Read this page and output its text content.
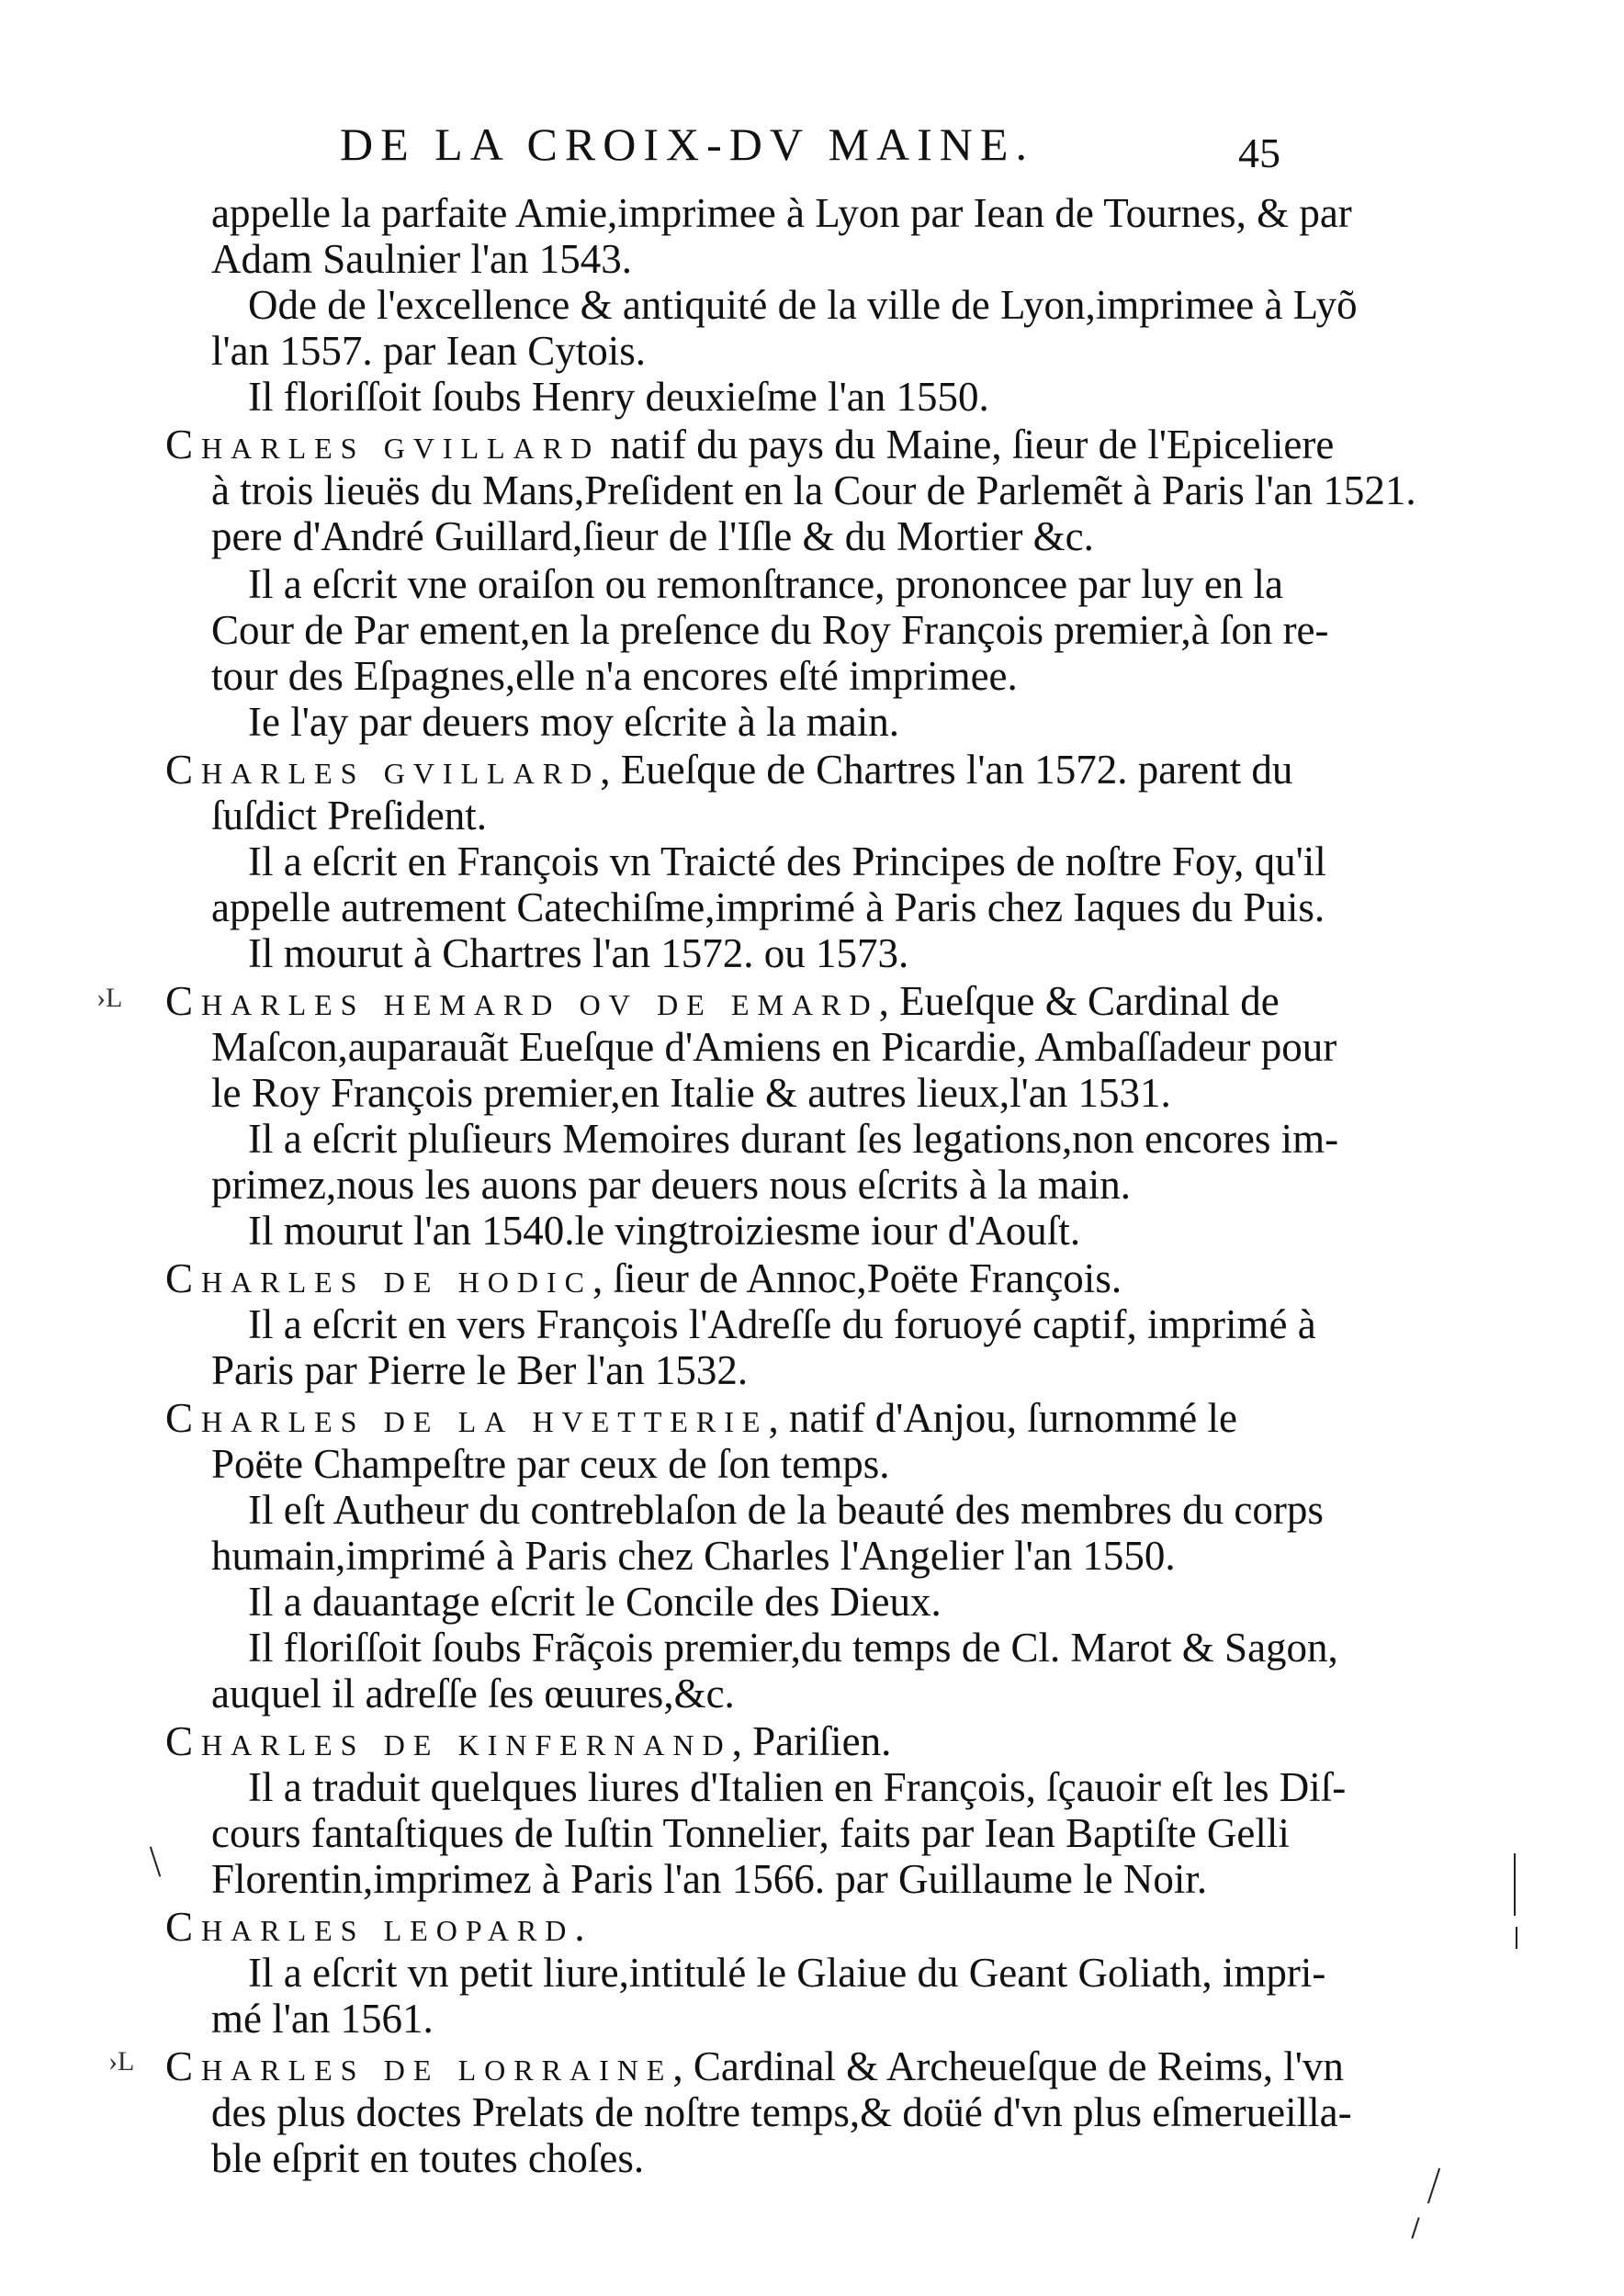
DE LA CROIX-DV MAINE.	45
appelle la parfaite Amie,imprimee à Lyon par Iean de Tournes, & par
Adam Saulnier l'an 1543.
Ode de l'excellence & antiquité de la ville de Lyon,imprimee à Lyõ
l'an 1557. par Iean Cytois.
Il floriſſoit ſoubs Henry deuxieſme l'an 1550.
Charles gvillard natif du pays du Maine, ſieur de l'Epiceliere
à trois lieuës du Mans,Preſident en la Cour de Parlemẽt à Paris l'an 1521.
pere d'André Guillard,ſieur de l'Iſle & du Mortier &c.
Il a eſcrit vne oraiſon ou remonſtrance, prononcee par luy en la
Cour de Par ement,en la preſence du Roy François premier,à ſon re-
tour des Eſpagnes,elle n'a encores eſté imprimee.
Ie l'ay par deuers moy eſcrite à la main.
Charles gvillard, Eueſque de Chartres l'an 1572. parent du
ſuſdict Preſident.
Il a eſcrit en François vn Traicté des Principes de noſtre Foy, qu'il
appelle autrement Catechiſme,imprimé à Paris chez Iaques du Puis.
Il mourut à Chartres l'an 1572. ou 1573.
Charles hemard ov de emard, Eueſque & Cardinal de
Maſcon,auparauãt Eueſque d'Amiens en Picardie, Ambaſſadeur pour
le Roy François premier,en Italie & autres lieux,l'an 1531.
Il a eſcrit pluſieurs Memoires durant ſes legations,non encores im-
primez,nous les auons par deuers nous eſcrits à la main.
Il mourut l'an 1540.le vingtroiziesme iour d'Aouſt.
Charles de hodic, ſieur de Annoc,Poëte François.
Il a eſcrit en vers François l'Adreſſe du foruoyé captif, imprimé à
Paris par Pierre le Ber l'an 1532.
Charles de la hvetterie, natif d'Anjou, ſurnommé le
Poëte Champeſtre par ceux de ſon temps.
Il eſt Autheur du contreblaſon de la beauté des membres du corps
humain,imprimé à Paris chez Charles l'Angelier l'an 1550.
Il a dauantage eſcrit le Concile des Dieux.
Il floriſſoit ſoubs Frãçois premier,du temps de Cl. Marot & Sagon,
auquel il adreſſe ſes œuures,&c.
Charles de kinfernand, Pariſien.
Il a traduit quelques liures d'Italien en François, ſçauoir eſt les Diſ-
cours fantaſtiques de Iuſtin Tonnelier, faits par Iean Baptiſte Gelli
Florentin,imprimez à Paris l'an 1566. par Guillaume le Noir.
Charles leopard.
Il a eſcrit vn petit liure,intitulé le Glaiue du Geant Goliath, impri-
mé l'an 1561.
Charles de lorraine, Cardinal & Archeueſque de Reims, l'vn
des plus doctes Prelats de noſtre temps,& doüé d'vn plus eſmerueilla-
ble eſprit en toutes choſes.
›L
›L
